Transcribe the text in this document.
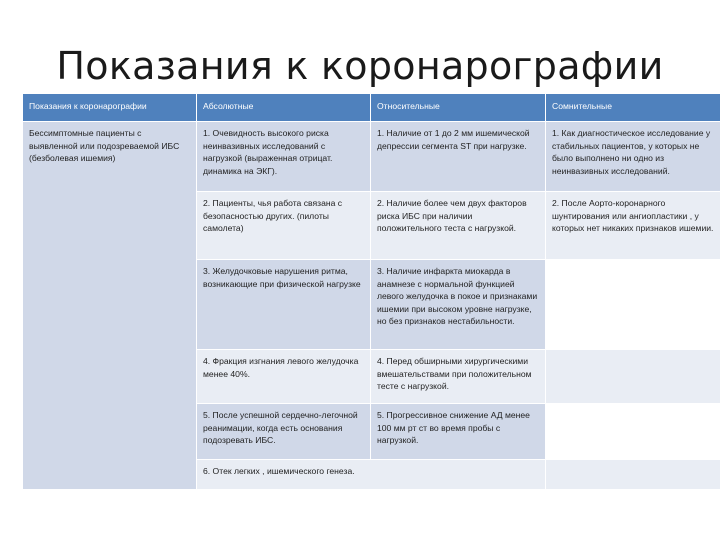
Показания к коронарографии
Показания к коронарографии	Абсолютные	Относительные	Сомнительные
Бессимптомные пациенты с выявленной или подозреваемой ИБС (безболевая ишемия)	1. Очевидность высокого риска неинвазивных исследований с нагрузкой (выраженная отрицат. динамика на ЭКГ).	1. Наличие от 1 до 2 мм ишемической депрессии сегмента ST при нагрузке.	1. Как диагностическое исследование у стабильных пациентов, у которых не было выполнено ни одно из неинвазивных исследований.
	2. Пациенты, чья работа связана с безопасностью других. (пилоты самолета)	2. Наличие более чем двух факторов риска ИБС при наличии положительного теста с нагрузкой.	2. После Аорто-коронарного шунтирования или ангиопластики , у которых нет никаких признаков ишемии.
	3. Желудочковые нарушения ритма, возникающие при физической нагрузке	3. Наличие инфаркта миокарда в анамнезе с нормальной функцией левого желудочка в покое и признаками ишемии при высоком уровне нагрузке, но без признаков нестабильности.	
	4. Фракция изгнания левого желудочка менее 40%.	4. Перед обширными хирургическими вмешательствами при положительном тесте с нагрузкой.	
	5. После успешной сердечно-легочной реанимации, когда есть основания подозревать ИБС.	5. Прогрессивное снижение АД менее 100 мм рт ст во время пробы с нагрузкой.	
	6. Отек легких , ишемического генеза.		
